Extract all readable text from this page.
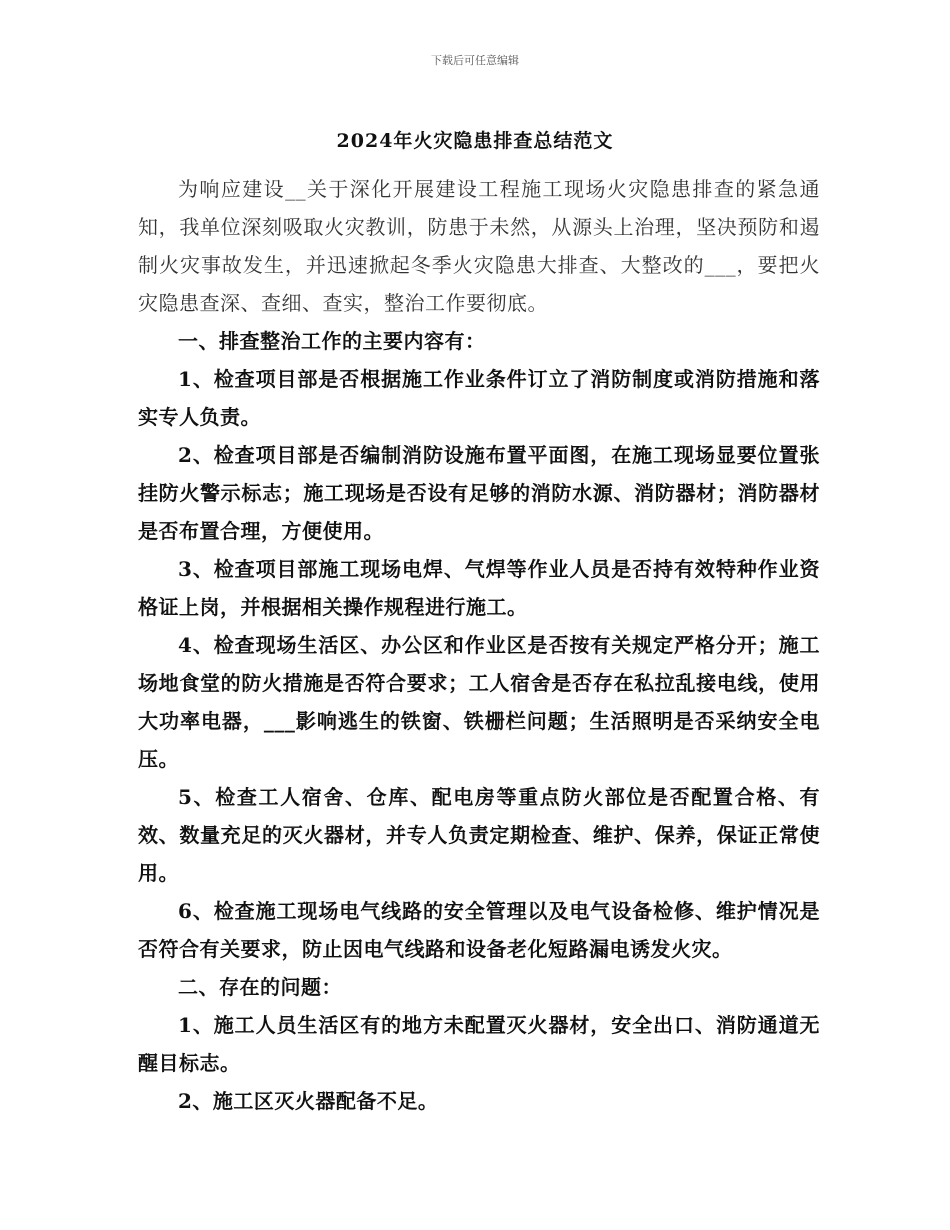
下载后可任意编辑
2024年火灾隐患排查总结范文

为响应建设__关于深化开展建设工程施工现场火灾隐患排查的紧急通知，我单位深刻吸取火灾教训，防患于未然，从源头上治理，坚决预防和遏制火灾事故发生，并迅速掀起冬季火灾隐患大排查、大整改的___，要把火灾隐患查深、查细、查实，整治工作要彻底。

一、排查整治工作的主要内容有：

1、检查项目部是否根据施工作业条件订立了消防制度或消防措施和落实专人负责。

2、检查项目部是否编制消防设施布置平面图，在施工现场显要位置张挂防火警示标志；施工现场是否设有足够的消防水源、消防器材；消防器材是否布置合理，方便使用。

3、检查项目部施工现场电焊、气焊等作业人员是否持有效特种作业资格证上岗，并根据相关操作规程进行施工。

4、检查现场生活区、办公区和作业区是否按有关规定严格分开；施工场地食堂的防火措施是否符合要求；工人宿舍是否存在私拉乱接电线，使用大功率电器，___影响逃生的铁窗、铁栅栏问题；生活照明是否采纳安全电压。

5、检查工人宿舍、仓库、配电房等重点防火部位是否配置合格、有效、数量充足的灭火器材，并专人负责定期检查、维护、保养，保证正常使用。

6、检查施工现场电气线路的安全管理以及电气设备检修、维护情况是否符合有关要求，防止因电气线路和设备老化短路漏电诱发火灾。

二、存在的问题：

1、施工人员生活区有的地方未配置灭火器材，安全出口、消防通道无醒目标志。

2、施工区灭火器配备不足。
